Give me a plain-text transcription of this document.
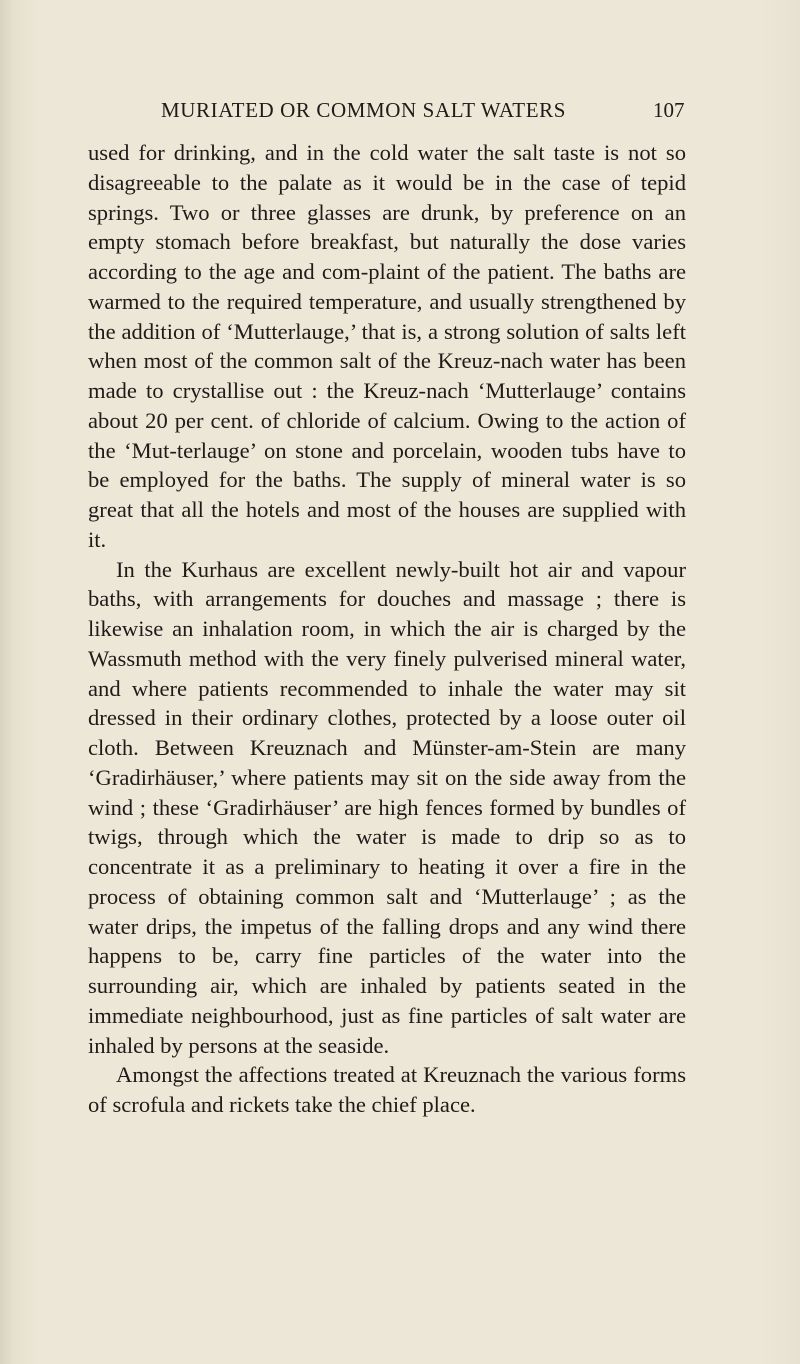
MURIATED OR COMMON SALT WATERS	107

used for drinking, and in the cold water the salt taste is not so disagreeable to the palate as it would be in the case of tepid springs. Two or three glasses are drunk, by preference on an empty stomach before breakfast, but naturally the dose varies according to the age and com-plaint of the patient. The baths are warmed to the required temperature, and usually strengthened by the addition of ‘Mutterlauge,’ that is, a strong solution of salts left when most of the common salt of the Kreuz-nach water has been made to crystallise out : the Kreuz-nach ‘Mutterlauge’ contains about 20 per cent. of chloride of calcium. Owing to the action of the ‘Mut-terlauge’ on stone and porcelain, wooden tubs have to be employed for the baths. The supply of mineral water is so great that all the hotels and most of the houses are supplied with it.

In the Kurhaus are excellent newly-built hot air and vapour baths, with arrangements for douches and massage ; there is likewise an inhalation room, in which the air is charged by the Wassmuth method with the very finely pulverised mineral water, and where patients recommended to inhale the water may sit dressed in their ordinary clothes, protected by a loose outer oil cloth. Between Kreuznach and Münster-am-Stein are many ‘Gradirhäuser,’ where patients may sit on the side away from the wind ; these ‘Gradirhäuser’ are high fences formed by bundles of twigs, through which the water is made to drip so as to concentrate it as a preliminary to heating it over a fire in the process of obtaining common salt and ‘Mutterlauge’ ; as the water drips, the impetus of the falling drops and any wind there happens to be, carry fine particles of the water into the surrounding air, which are inhaled by patients seated in the immediate neighbourhood, just as fine particles of salt water are inhaled by persons at the seaside.

Amongst the affections treated at Kreuznach the various forms of scrofula and rickets take the chief place.
